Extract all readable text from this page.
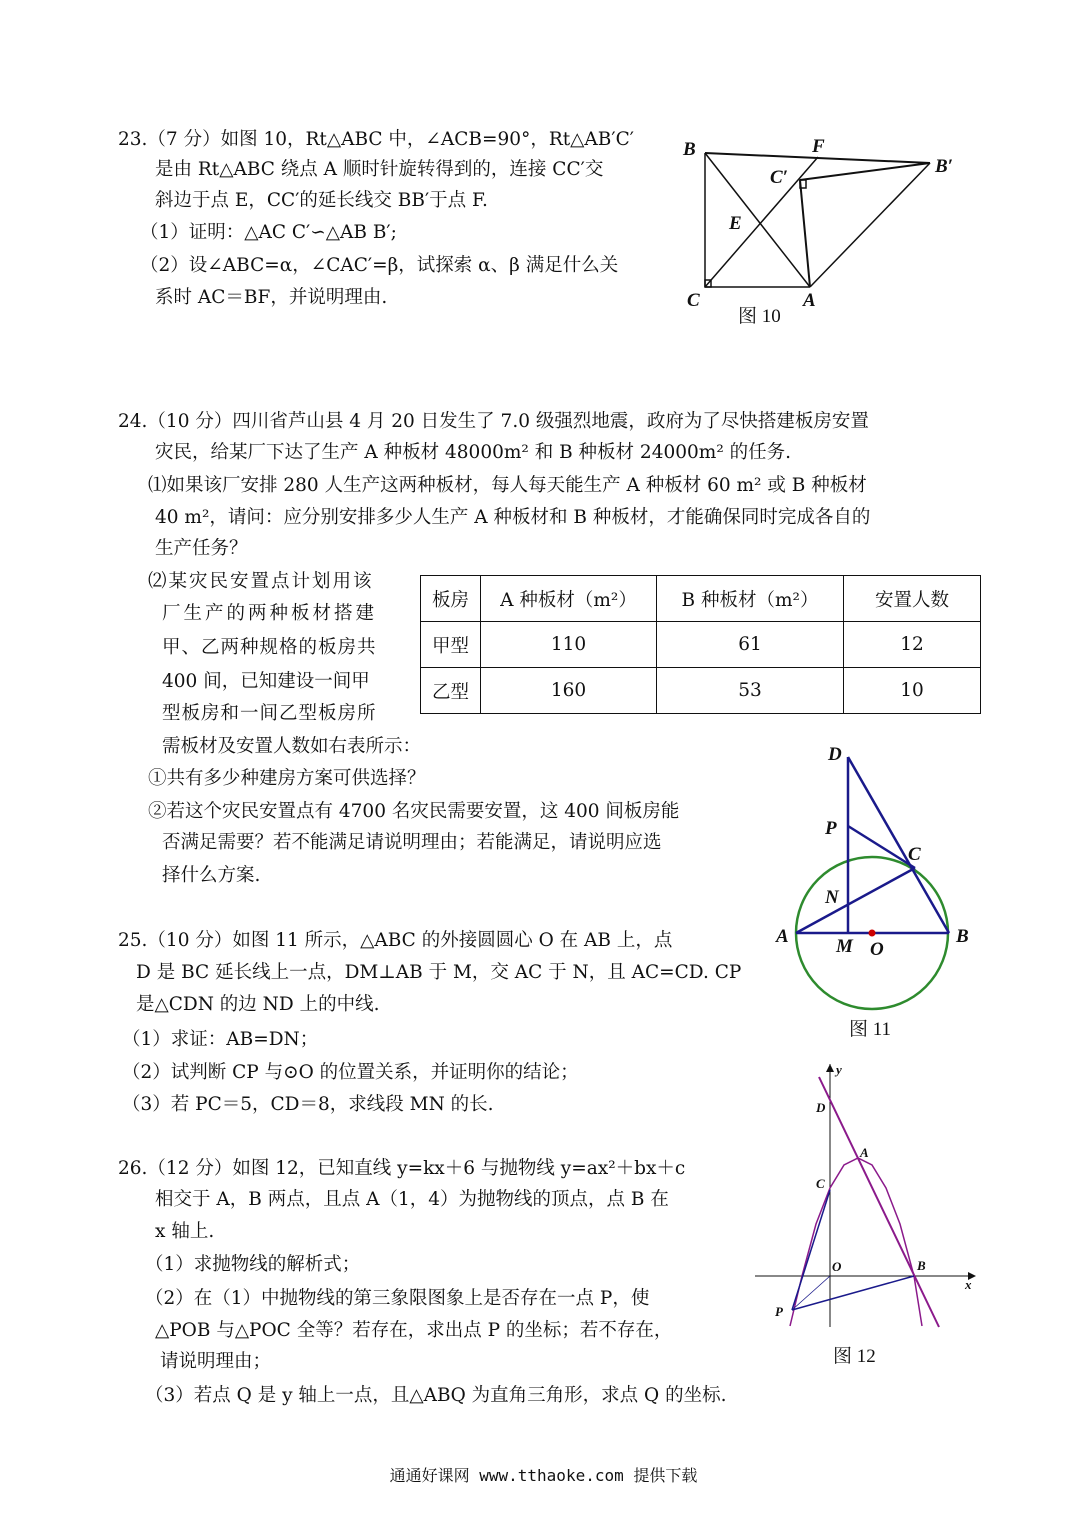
23.（7 分）如图 10，Rt△ABC 中，∠ACB=90°，Rt△AB′C′
是由 Rt△ABC 绕点 A 顺时针旋转得到的，连接 CC′交
斜边于点 E，CC′的延长线交 BB′于点 F.
（1）证明：△AC C′∽△AB B′;
（2）设∠ABC=α，∠CAC′=β，试探索 α、β 满足什么关
系时 AC＝BF，并说明理由.
24.（10 分）四川省芦山县 4 月 20 日发生了 7.0 级强烈地震，政府为了尽快搭建板房安置
灾民，给某厂下达了生产 A 种板材 48000m² 和 B 种板材 24000m² 的任务.
⑴如果该厂安排 280 人生产这两种板材，每人每天能生产 A 种板材 60 m² 或 B 种板材
40 m²，请问：应分别安排多少人生产 A 种板材和 B 种板材，才能确保同时完成各自的
生产任务？
⑵某灾民安置点计划用该
厂生产的两种板材搭建
甲、乙两种规格的板房共
400 间，已知建设一间甲
型板房和一间乙型板房所
需板材及安置人数如右表所示：
①共有多少种建房方案可供选择？
②若这个灾民安置点有 4700 名灾民需要安置，这 400 间板房能
否满足需要？若不能满足请说明理由；若能满足，请说明应选
择什么方案.
板房	A 种板材（m²）	B 种板材（m²）	安置人数
甲型	110	61	12
乙型	160	53	10
25.（10 分）如图 11 所示，△ABC 的外接圆圆心 O 在 AB 上，点
D 是 BC 延长线上一点，DM⊥AB 于 M，交 AC 于 N，且 AC=CD. CP
是△CDN 的边 ND 上的中线.
（1）求证：AB=DN；
（2）试判断 CP 与⊙O 的位置关系，并证明你的结论；
（3）若 PC＝5，CD＝8，求线段 MN 的长.
26.（12 分）如图 12，已知直线 y=kx＋6 与抛物线 y=ax²＋bx＋c
相交于 A，B 两点，且点 A（1，4）为抛物线的顶点，点 B 在
x 轴上.
（1）求抛物线的解析式；
（2）在（1）中抛物线的第三象限图象上是否存在一点 P，使
△POB 与△POC 全等？若存在，求出点 P 的坐标；若不存在，
请说明理由；
（3）若点 Q 是 y 轴上一点，且△ABQ 为直角三角形，求点 Q 的坐标.
B	F
B′
C′
E
C	A
图 10
D
P
C
N
A M O
B
图 11
y
D
A
C
O	B
x
P
图 12
通通好课网 www.tthaoke.com 提供下载
